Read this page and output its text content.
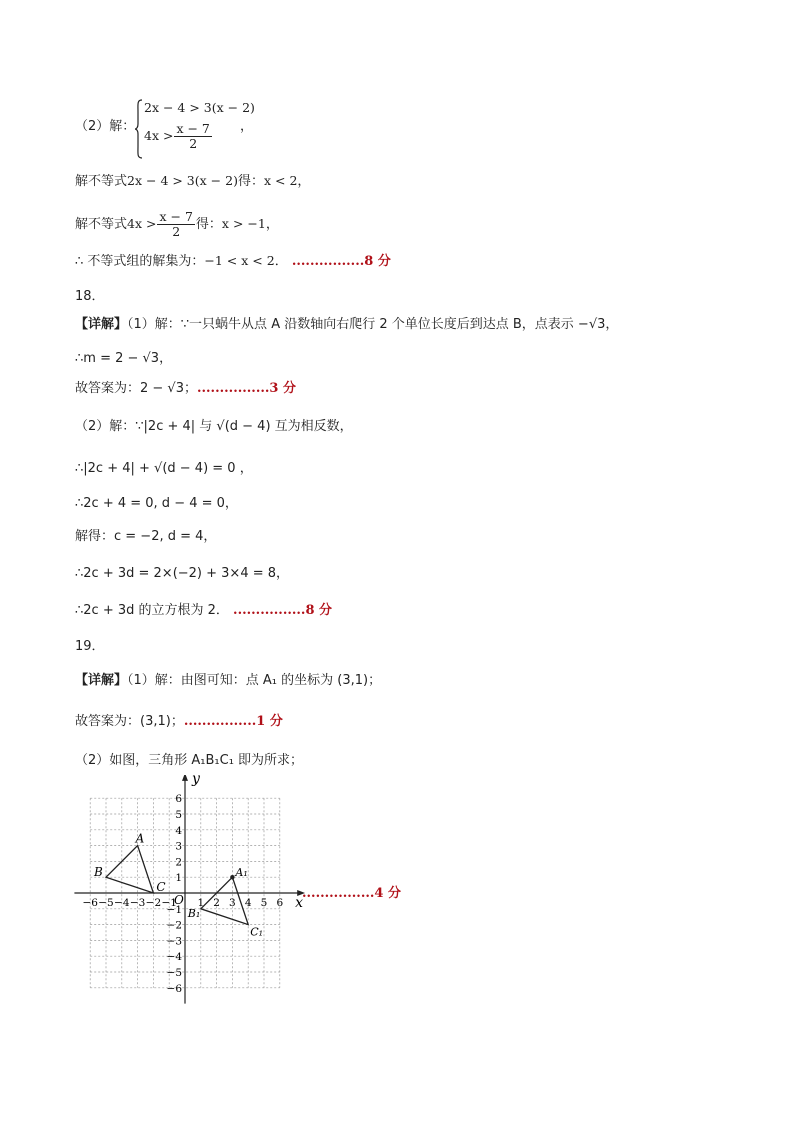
（2）解：
2x − 4 > 3(x − 2)
$4x > \frac{x - 7}{2}$ ，
解不等式2x − 4 > 3(x − 2)得：x < 2，
解不等式$4x > \frac{x - 7}{2}$ 得：x > −1，
∴ 不等式组的解集为：−1 < x < 2． ................8 分
18．
【详解】（1）解：∵一只蜗牛从点 A 沿数轴向右爬行 2 个单位长度后到达点 B，点表示 −√3，
∴m = 2 − √3，
故答案为：2 − √3；................3 分
（2）解：∵|2c + 4| 与 √(d − 4) 互为相反数，
∴|2c + 4| + √(d − 4) = 0 ，
∴2c + 4 = 0, d − 4 = 0，
解得：c = −2, d = 4，
∴2c + 3d = 2×(−2) + 3×4 = 8，
∴2c + 3d 的立方根为 2． ................8 分
19．
【详解】（1）解：由图可知：点 A₁ 的坐标为 (3,1)；
故答案为：(3,1)；................1 分
（2）如图，三角形 A₁B₁C₁ 即为所求；
x
y
O
−6 −5 −4 −3 −2 −1 1 2 3 4 5 6
6
5
4
3
2
1
−1
−2
−3
−4
−5
−6
A
B
C
A₁
B₁
C₁
................4 分
